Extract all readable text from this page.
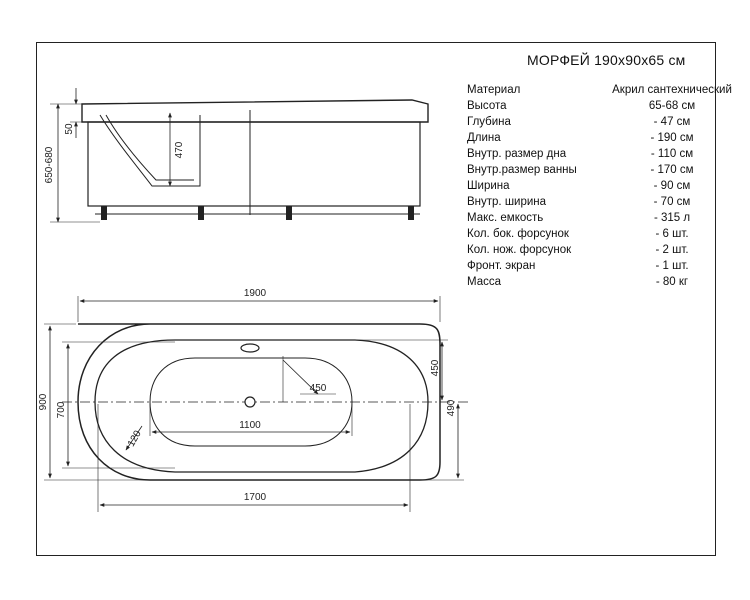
470
650-680
50
1900
1700
1100
900 700
450
490
450
120
МОРФЕЙ 190х90х65 см
Материал	Акрил сантехнический
Высота	65-68 см
Глубина	- 47 см
Длина	- 190 см
Внутр. размер дна	- 110 см
Внутр.размер ванны	- 170 см
Ширина	- 90 см
Внутр. ширина	- 70 см
Макс. емкость	- 315 л
Кол. бок. форсунок	- 6 шт.
Кол. нож. форсунок	- 2 шт.
Фронт. экран	- 1 шт.
Масса	- 80 кг
